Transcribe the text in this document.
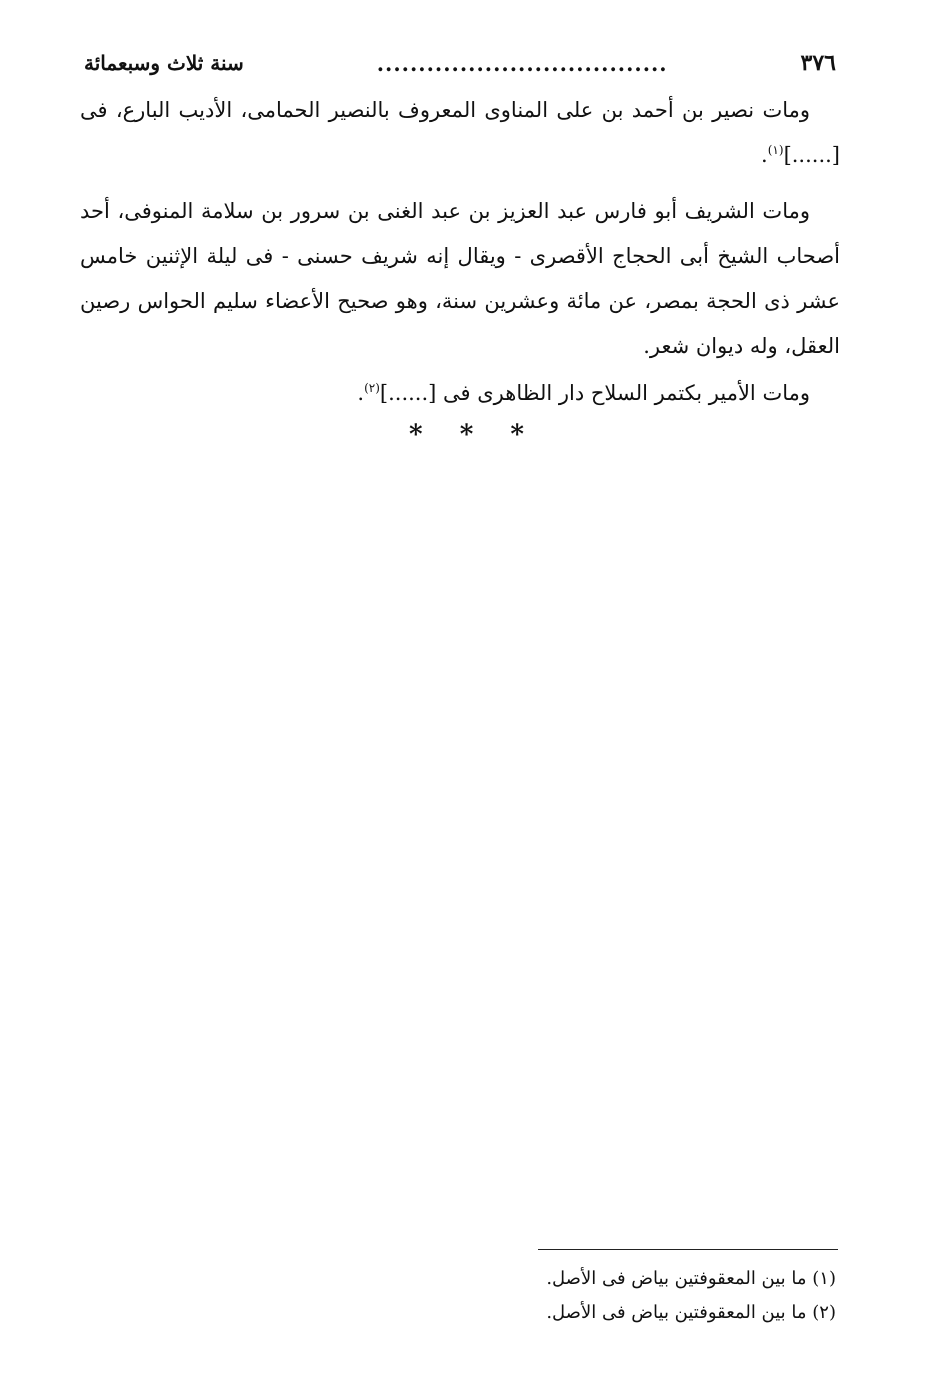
٣٧٦
...................................
سنة ثلاث وسبعمائة

ومات نصير بن أحمد بن على المناوى المعروف بالنصير الحمامى، الأديب البارع، فى [......]$^{(١)}$.

ومات الشريف أبو فارس عبد العزيز بن عبد الغنى بن سرور بن سلامة المنوفى، أحد أصحاب الشيخ أبى الحجاج الأقصرى - ويقال إنه شريف حسنى - فى ليلة الإثنين خامس عشر ذى الحجة بمصر، عن مائة وعشرين سنة، وهو صحيح الأعضاء سليم الحواس رصين العقل، وله ديوان شعر.

ومات الأمير بكتمر السلاح دار الظاهرى فى [......]$^{(٢)}$.

* * *

(١) ما بين المعقوفتين بياض فى الأصل.

(٢) ما بين المعقوفتين بياض فى الأصل.
